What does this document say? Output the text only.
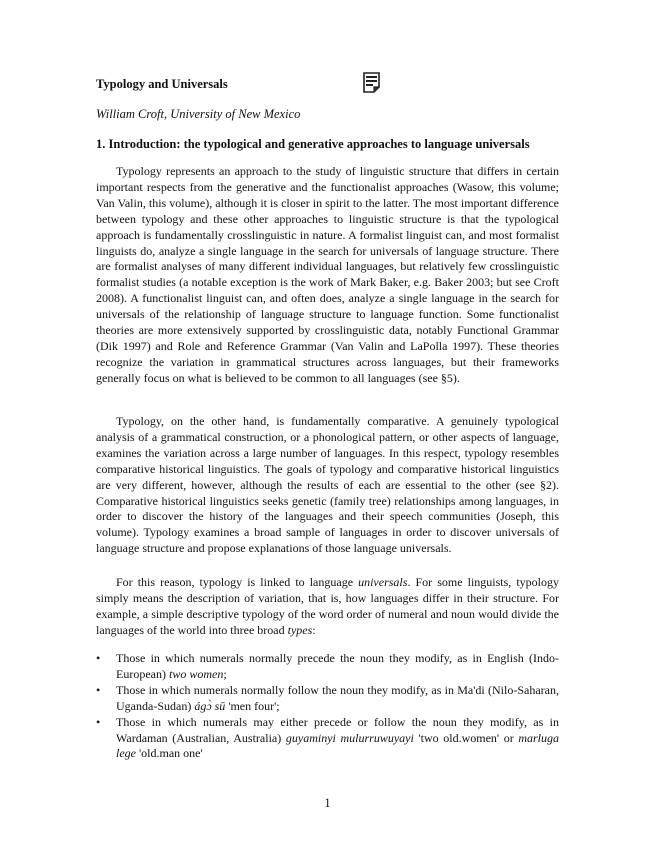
Typology and Universals
William Croft, University of New Mexico
1. Introduction: the typological and generative approaches to language universals

Typology represents an approach to the study of linguistic structure that differs in certain important respects from the generative and the functionalist approaches (Wasow, this volume; Van Valin, this volume), although it is closer in spirit to the latter. The most important difference between typology and these other approaches to linguistic structure is that the typological approach is fundamentally crosslinguistic in nature. A formalist linguist can, and most formalist linguists do, analyze a single language in the search for universals of language structure. There are formalist analyses of many different individual languages, but relatively few crosslinguistic formalist studies (a notable exception is the work of Mark Baker, e.g. Baker 2003; but see Croft 2008). A functionalist linguist can, and often does, analyze a single language in the search for universals of the relationship of language structure to language function. Some functionalist theories are more extensively supported by crosslinguistic data, notably Functional Grammar (Dik 1997) and Role and Reference Grammar (Van Valin and LaPolla 1997). These theories recognize the variation in grammatical structures across languages, but their frameworks generally focus on what is believed to be common to all languages (see §5).

Typology, on the other hand, is fundamentally comparative. A genuinely typological analysis of a grammatical construction, or a phonological pattern, or other aspects of language, examines the variation across a large number of languages. In this respect, typology resembles comparative historical linguistics. The goals of typology and comparative historical linguistics are very different, however, although the results of each are essential to the other (see §2). Comparative historical linguistics seeks genetic (family tree) relationships among languages, in order to discover the history of the languages and their speech communities (Joseph, this volume). Typology examines a broad sample of languages in order to discover universals of language structure and propose explanations of those language universals.

For this reason, typology is linked to language universals. For some linguists, typology simply means the description of variation, that is, how languages differ in their structure. For example, a simple descriptive typology of the word order of numeral and noun would divide the languages of the world into three broad types:

•	Those in which numerals normally precede the noun they modify, as in English (Indo-European) two women;
•	Those in which numerals normally follow the noun they modify, as in Ma'di (Nilo-Saharan, Uganda-Sudan) ágɔ̀ sū 'men four';
•	Those in which numerals may either precede or follow the noun they modify, as in Wardaman (Australian, Australia) guyaminyi mulurruwuyayi 'two old.women' or marluga lege 'old.man one'
1
